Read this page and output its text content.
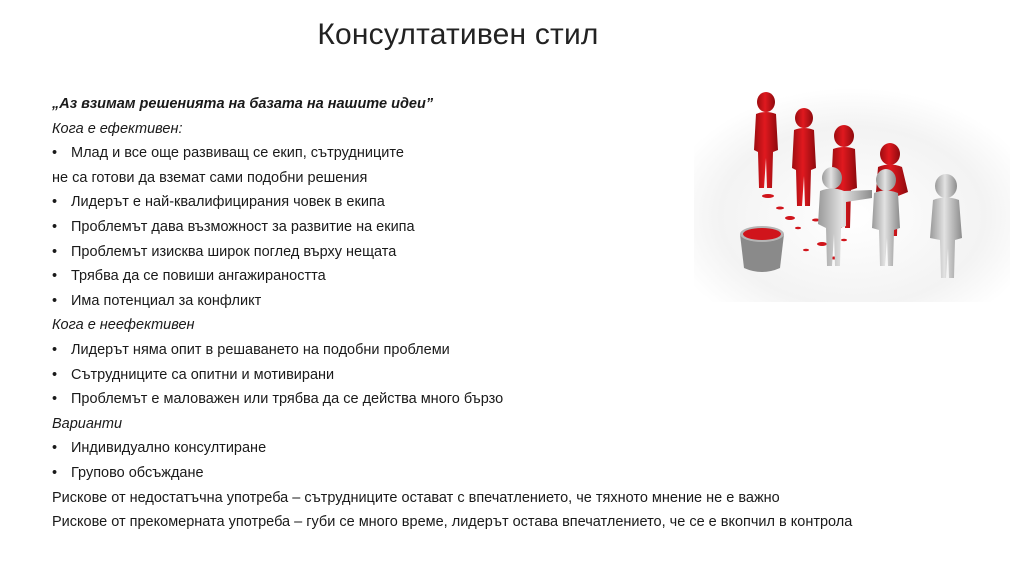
Консултативен стил
„Аз взимам решенията на базата на нашите идеи”
Кога е ефективен:
• Млад и все още развиващ се екип, сътрудниците
не са готови да вземат сами подобни решения
• Лидерът е най-квалифицирания човек в екипа
• Проблемът дава възможност за развитие на екипа
• Проблемът изисква широк поглед върху нещата
• Трябва да се повиши ангажираността
• Има потенциал за конфликт
Кога е неефективен
• Лидерът няма опит в решаването на подобни проблеми
• Сътрудниците са опитни и мотивирани
• Проблемът е маловажен или трябва да се действа много бързо
Варианти
• Индивидуално консултиране
• Групово обсъждане
Рискове от недостатъчна употреба – сътрудниците остават с впечатлението, че тяхното мнение не е важно
Рискове от прекомерната употреба – губи се много време, лидерът остава впечатлението, че се е вкопчил в контрола
